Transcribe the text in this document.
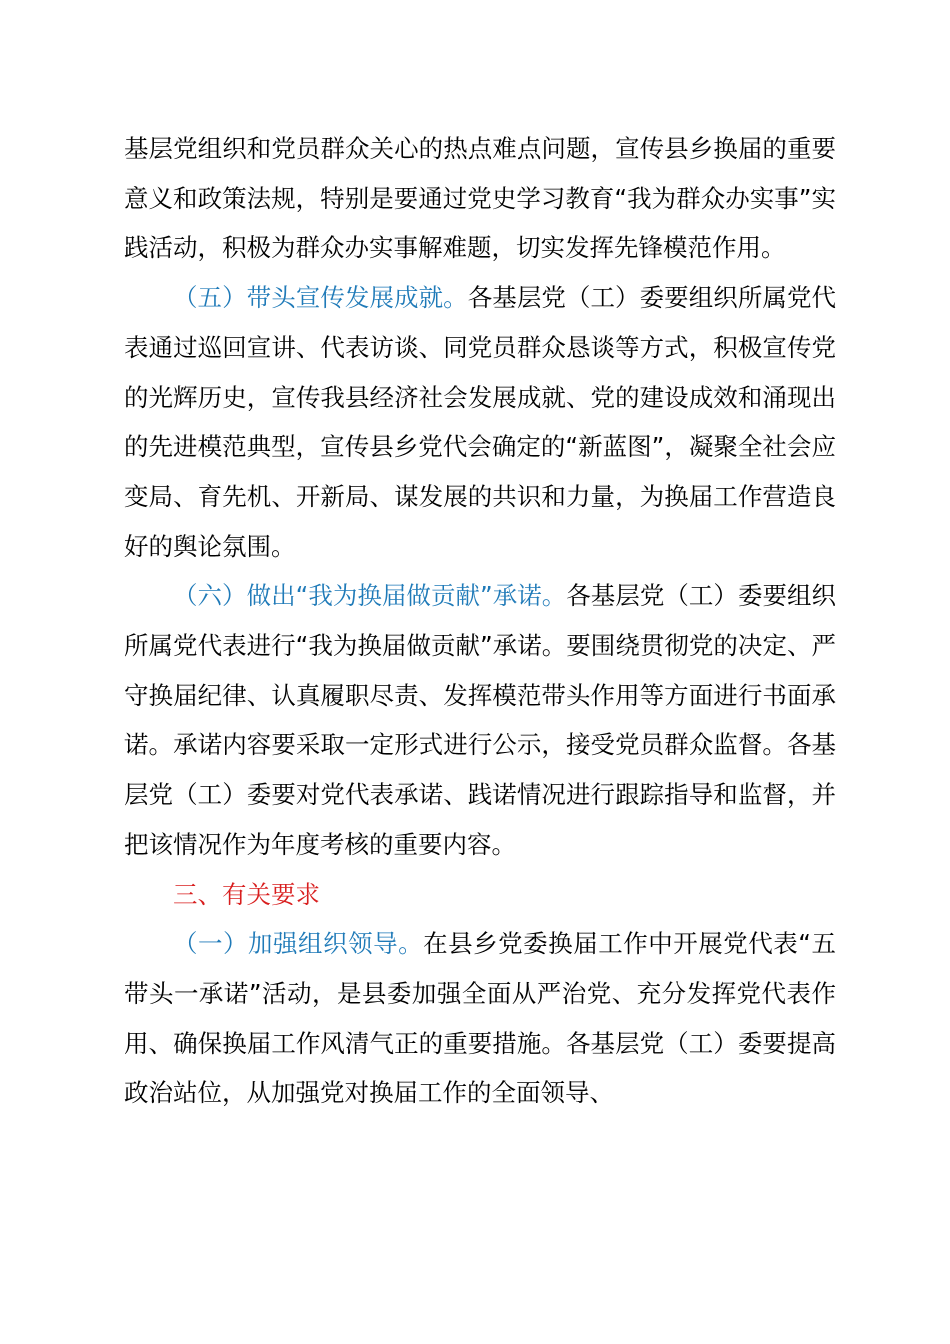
基层党组织和党员群众关心的热点难点问题，宣传县乡换届的重要意义和政策法规，特别是要通过党史学习教育“我为群众办实事”实践活动，积极为群众办实事解难题，切实发挥先锋模范作用。

（五）带头宣传发展成就。各基层党（工）委要组织所属党代表通过巡回宣讲、代表访谈、同党员群众恳谈等方式，积极宣传党的光辉历史，宣传我县经济社会发展成就、党的建设成效和涌现出的先进模范典型，宣传县乡党代会确定的“新蓝图”，凝聚全社会应变局、育先机、开新局、谋发展的共识和力量，为换届工作营造良好的舆论氛围。

（六）做出“我为换届做贡献”承诺。各基层党（工）委要组织所属党代表进行“我为换届做贡献”承诺。要围绕贯彻党的决定、严守换届纪律、认真履职尽责、发挥模范带头作用等方面进行书面承诺。承诺内容要采取一定形式进行公示，接受党员群众监督。各基层党（工）委要对党代表承诺、践诺情况进行跟踪指导和监督，并把该情况作为年度考核的重要内容。

三、有关要求

（一）加强组织领导。在县乡党委换届工作中开展党代表“五带头一承诺”活动，是县委加强全面从严治党、充分发挥党代表作用、确保换届工作风清气正的重要措施。各基层党（工）委要提高政治站位，从加强党对换届工作的全面领导、
